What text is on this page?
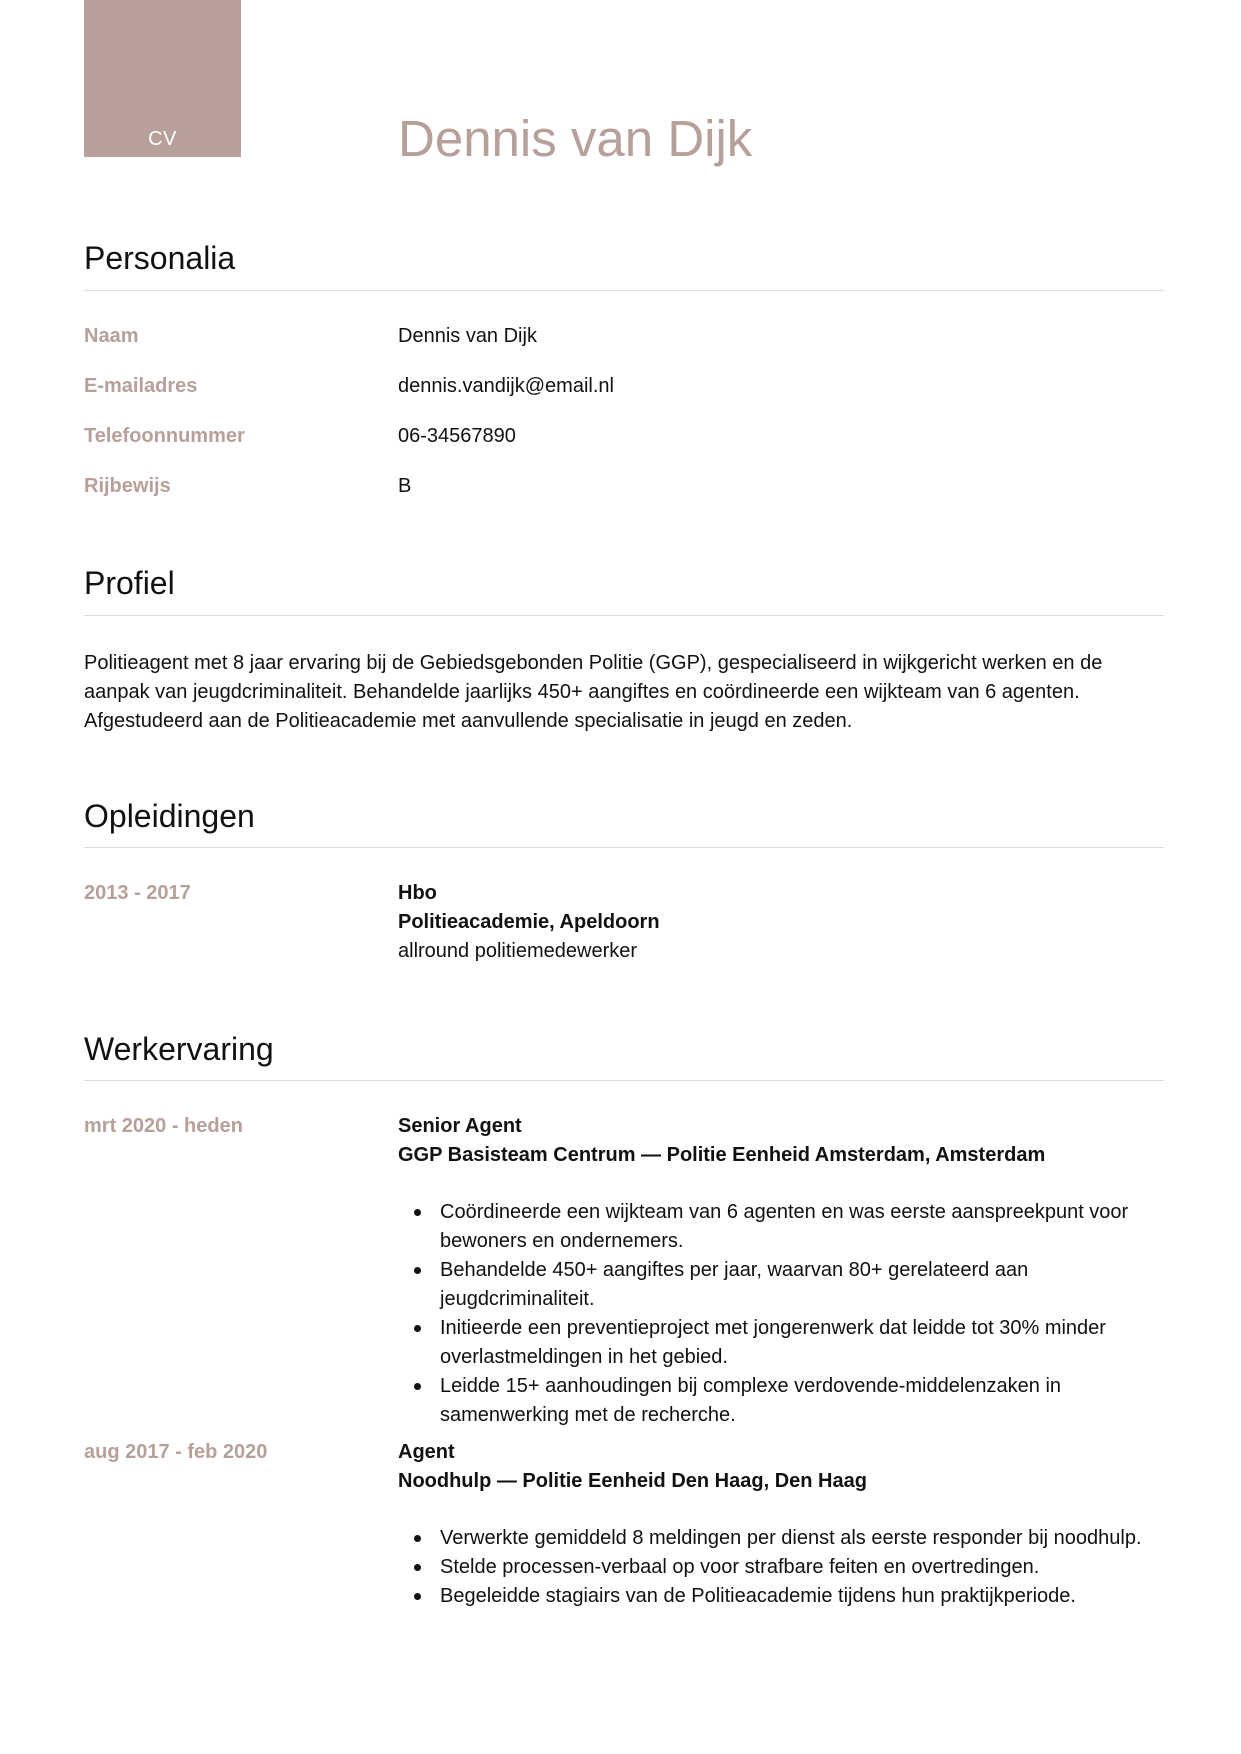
CV	Dennis van Dijk
Personalia
Naam	Dennis van Dijk
E-mailadres	dennis.vandijk@email.nl
Telefoonnummer	06-34567890
Rijbewijs	B
Profiel

Politieagent met 8 jaar ervaring bij de Gebiedsgebonden Politie (GGP), gespecialiseerd in wijkgericht werken en de aanpak van jeugdcriminaliteit. Behandelde jaarlijks 450+ aangiftes en coördineerde een wijkteam van 6 agenten. Afgestudeerd aan de Politieacademie met aanvullende specialisatie in jeugd en zeden.

Opleidingen
2013 - 2017	Hbo
Politieacademie, Apeldoorn
allround politiemedewerker
Werkervaring
mrt 2020 - heden	Senior Agent
GGP Basisteam Centrum — Politie Eenheid Amsterdam, Amsterdam
Coördineerde een wijkteam van 6 agenten en was eerste aanspreekpunt voor bewoners en ondernemers.
Behandelde 450+ aangiftes per jaar, waarvan 80+ gerelateerd aan jeugdcriminaliteit.
Initieerde een preventieproject met jongerenwerk dat leidde tot 30% minder overlastmeldingen in het gebied.
Leidde 15+ aanhoudingen bij complexe verdovende-middelenzaken in samenwerking met de recherche.
aug 2017 - feb 2020	Agent
Noodhulp — Politie Eenheid Den Haag, Den Haag
Verwerkte gemiddeld 8 meldingen per dienst als eerste responder bij noodhulp.
Stelde processen-verbaal op voor strafbare feiten en overtredingen.
Begeleidde stagiairs van de Politieacademie tijdens hun praktijkperiode.
